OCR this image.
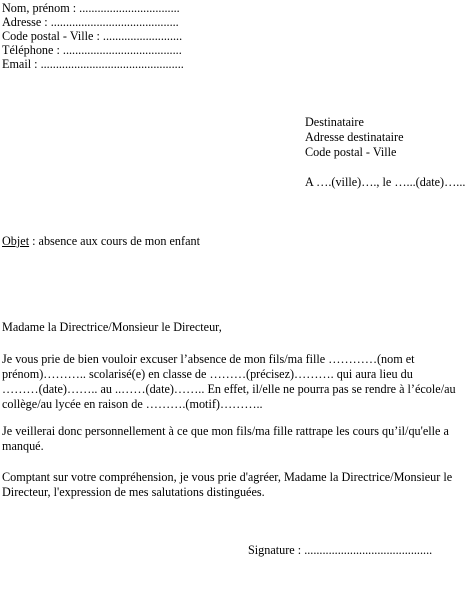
Nom, prénom : .................................
Adresse : ..........................................
Code postal - Ville : ..........................
Téléphone : .......................................
Email : ...............................................
Destinataire
Adresse destinataire
Code postal - Ville
A ….(ville)…., le …...(date)…...
Objet : absence aux cours de mon enfant
Madame la Directrice/Monsieur le Directeur,
Je vous prie de bien vouloir excuser l’absence de mon fils/ma fille …………(nom et
prénom)……….. scolarisé(e) en classe de ………(précisez)………. qui aura lieu du
………(date)…….. au ..……(date)…….. En effet, il/elle ne pourra pas se rendre à l’école/au
collège/au lycée en raison de ……….(motif)………..
Je veillerai donc personnellement à ce que mon fils/ma fille rattrape les cours qu’il/qu'elle a
manqué.
Comptant sur votre compréhension, je vous prie d'agréer, Madame la Directrice/Monsieur le
Directeur, l'expression de mes salutations distinguées.
Signature : ..........................................
